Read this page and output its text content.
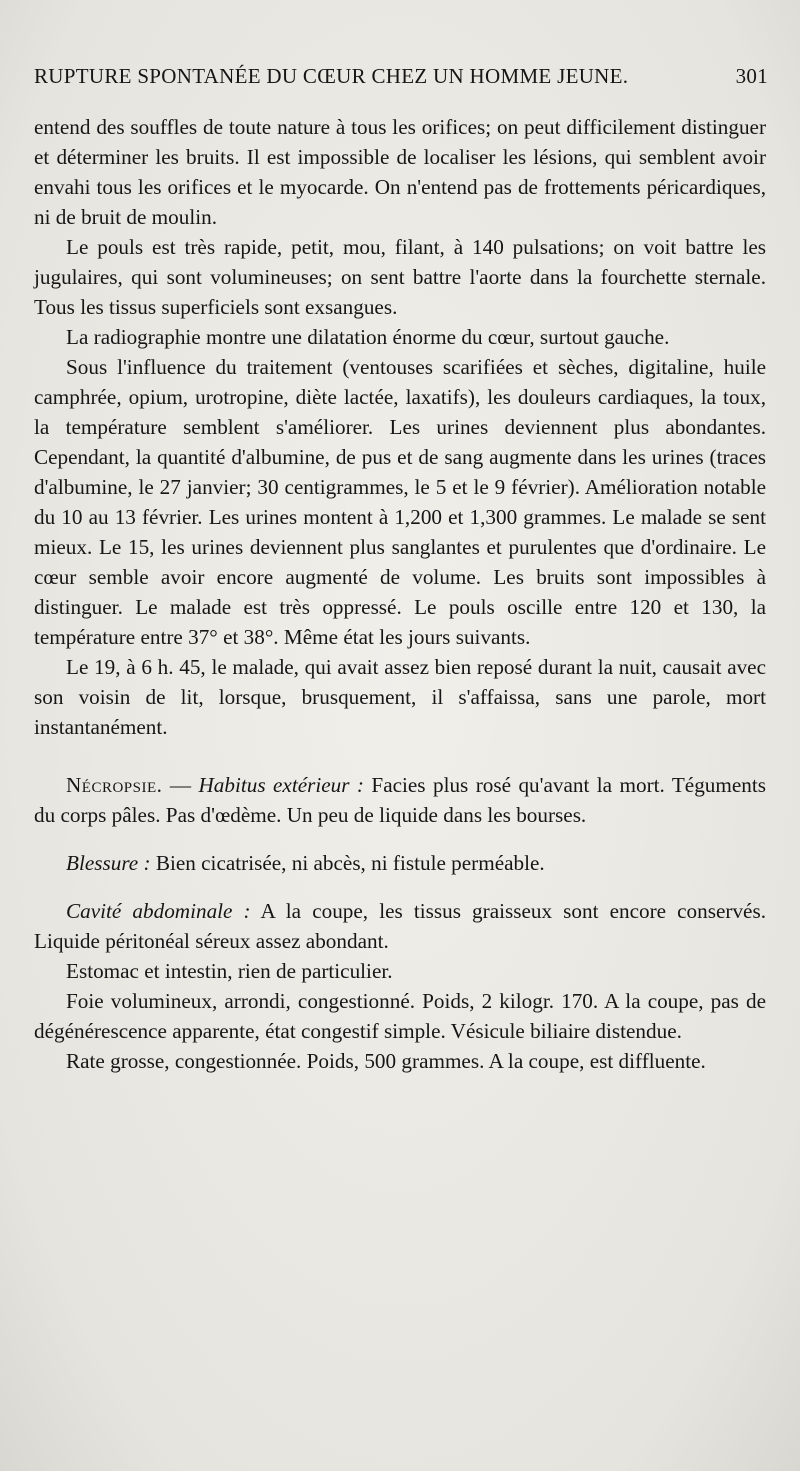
RUPTURE SPONTANÉE DU CŒUR CHEZ UN HOMME JEUNE.	301

entend des souffles de toute nature à tous les orifices; on peut difficilement distinguer et déterminer les bruits. Il est impossible de localiser les lésions, qui semblent avoir envahi tous les orifices et le myocarde. On n'entend pas de frottements péricardiques, ni de bruit de moulin.

Le pouls est très rapide, petit, mou, filant, à 140 pulsations; on voit battre les jugulaires, qui sont volumineuses; on sent battre l'aorte dans la fourchette sternale. Tous les tissus superficiels sont exsangues.

La radiographie montre une dilatation énorme du cœur, surtout gauche.

Sous l'influence du traitement (ventouses scarifiées et sèches, digitaline, huile camphrée, opium, urotropine, diète lactée, laxatifs), les douleurs cardiaques, la toux, la température semblent s'améliorer. Les urines deviennent plus abondantes. Cependant, la quantité d'albumine, de pus et de sang augmente dans les urines (traces d'albumine, le 27 janvier; 30 centigrammes, le 5 et le 9 février). Amélioration notable du 10 au 13 février. Les urines montent à 1,200 et 1,300 grammes. Le malade se sent mieux. Le 15, les urines deviennent plus sanglantes et purulentes que d'ordinaire. Le cœur semble avoir encore augmenté de volume. Les bruits sont impossibles à distinguer. Le malade est très oppressé. Le pouls oscille entre 120 et 130, la température entre 37° et 38°. Même état les jours suivants.

Le 19, à 6 h. 45, le malade, qui avait assez bien reposé durant la nuit, causait avec son voisin de lit, lorsque, brusquement, il s'affaissa, sans une parole, mort instantanément.

Nécropsie. — Habitus extérieur : Facies plus rosé qu'avant la mort. Téguments du corps pâles. Pas d'œdème. Un peu de liquide dans les bourses.

Blessure : Bien cicatrisée, ni abcès, ni fistule perméable.

Cavité abdominale : A la coupe, les tissus graisseux sont encore conservés. Liquide péritonéal séreux assez abondant.

Estomac et intestin, rien de particulier.

Foie volumineux, arrondi, congestionné. Poids, 2 kilogr. 170. A la coupe, pas de dégénérescence apparente, état congestif simple. Vésicule biliaire distendue.

Rate grosse, congestionnée. Poids, 500 grammes. A la coupe, est diffluente.
